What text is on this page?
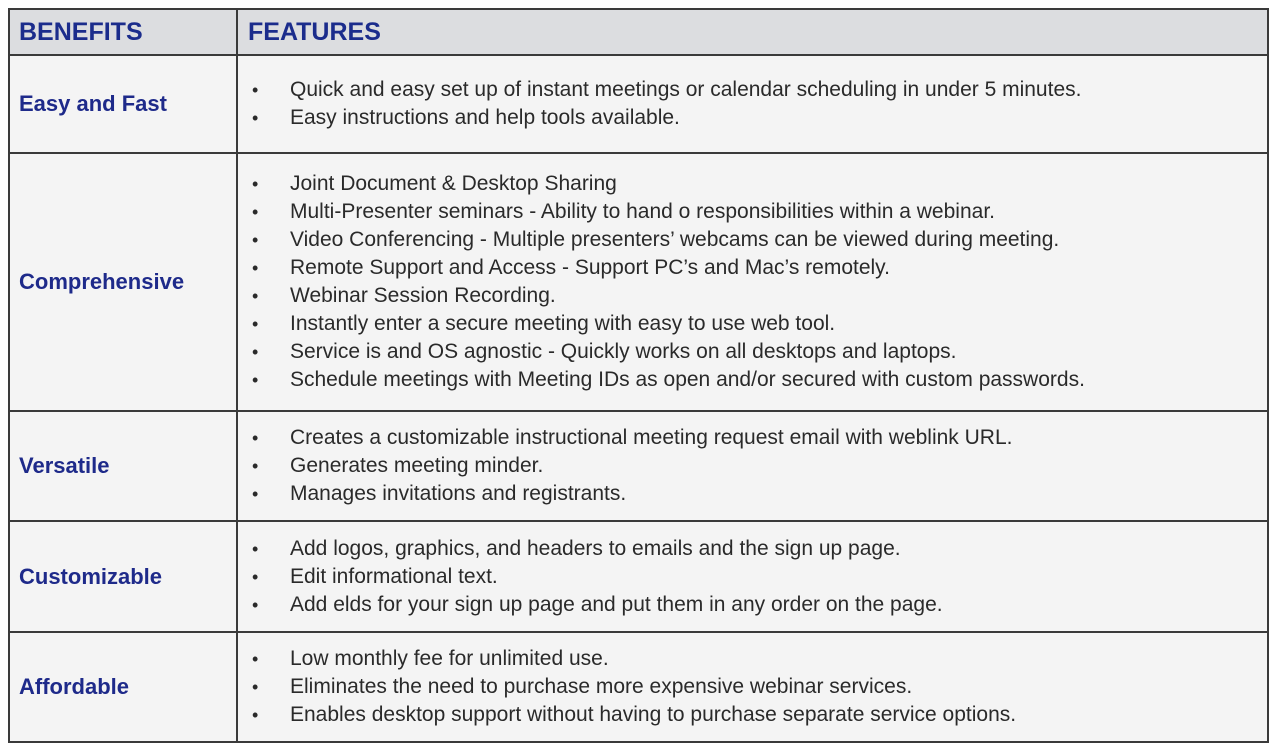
BENEFITS	FEATURES
Easy and Fast
• Quick and easy set up of instant meetings or calendar scheduling in under 5 minutes.
• Easy instructions and help tools available.
Comprehensive
• Joint Document & Desktop Sharing
• Multi-Presenter seminars - Ability to hand o responsibilities within a webinar.
• Video Conferencing - Multiple presenters’ webcams can be viewed during meeting.
• Remote Support and Access - Support PC’s and Mac’s remotely.
• Webinar Session Recording.
• Instantly enter a secure meeting with easy to use web tool.
• Service is and OS agnostic - Quickly works on all desktops and laptops.
• Schedule meetings with Meeting IDs as open and/or secured with custom passwords.
Versatile
• Creates a customizable instructional meeting request email with weblink URL.
• Generates meeting minder.
• Manages invitations and registrants.
Customizable
• Add logos, graphics, and headers to emails and the sign up page.
• Edit informational text.
• Add elds for your sign up page and put them in any order on the page.
Affordable
• Low monthly fee for unlimited use.
• Eliminates the need to purchase more expensive webinar services.
• Enables desktop support without having to purchase separate service options.
